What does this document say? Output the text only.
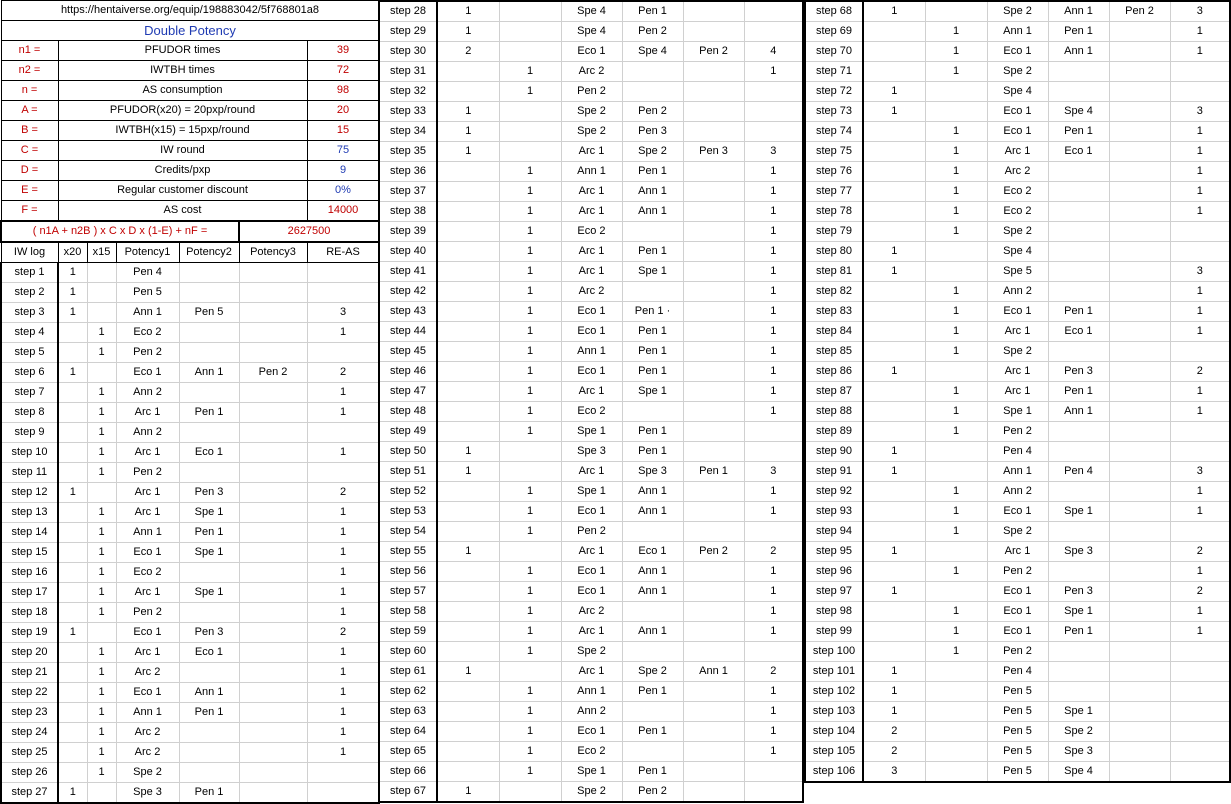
https://hentaiverse.org/equip/198883042/5f768801a8						
Double Potency						
n1 =	PFUDOR times					39
n2 =	IWTBH times					72
n =	AS consumption					98
A =	PFUDOR(x20) = 20pxp/round					20
B =	IWTBH(x15) = 15pxp/round					15
C =	IW round					75
D =	Credits/pxp					9
E =	Regular customer discount					0%
F =	AS cost					14000
( n1A + n2B ) x C x D x (1-E) + nF =					2627500	
IW log	x20	x15	Potency1	Potency2	Potency3	RE-AS
step 1	1		Pen 4			
step 2	1		Pen 5			
step 3	1		Ann 1	Pen 5		3
step 4		1	Eco 2			1
step 5		1	Pen 2			
step 6	1		Eco 1	Ann 1	Pen 2	2
step 7		1	Ann 2			1
step 8		1	Arc 1	Pen 1		1
step 9		1	Ann 2			
step 10		1	Arc 1	Eco 1		1
step 11		1	Pen 2			
step 12	1		Arc 1	Pen 3		2
step 13		1	Arc 1	Spe 1		1
step 14		1	Ann 1	Pen 1		1
step 15		1	Eco 1	Spe 1		1
step 16		1	Eco 2			1
step 17		1	Arc 1	Spe 1		1
step 18		1	Pen 2			1
step 19	1		Eco 1	Pen 3		2
step 20		1	Arc 1	Eco 1		1
step 21		1	Arc 2			1
step 22		1	Eco 1	Ann 1		1
step 23		1	Ann 1	Pen 1		1
step 24		1	Arc 2			1
step 25		1	Arc 2			1
step 26		1	Spe 2			
step 27	1		Spe 3	Pen 1		
step 28	1		Spe 4	Pen 1		
step 29	1		Spe 4	Pen 2		
step 30	2		Eco 1	Spe 4	Pen 2	4
step 31		1	Arc 2			1
step 32		1	Pen 2			
step 33	1		Spe 2	Pen 2		
step 34	1		Spe 2	Pen 3		
step 35	1		Arc 1	Spe 2	Pen 3	3
step 36		1	Ann 1	Pen 1		1
step 37		1	Arc 1	Ann 1		1
step 38		1	Arc 1	Ann 1		1
step 39		1	Eco 2			1
step 40		1	Arc 1	Pen 1		1
step 41		1	Arc 1	Spe 1		1
step 42		1	Arc 2			1
step 43		1	Eco 1	Pen 1 ·		1
step 44		1	Eco 1	Pen 1		1
step 45		1	Ann 1	Pen 1		1
step 46		1	Eco 1	Pen 1		1
step 47		1	Arc 1	Spe 1		1
step 48		1	Eco 2			1
step 49		1	Spe 1	Pen 1		
step 50	1		Spe 3	Pen 1		
step 51	1		Arc 1	Spe 3	Pen 1	3
step 52		1	Spe 1	Ann 1		1
step 53		1	Eco 1	Ann 1		1
step 54		1	Pen 2			
step 55	1		Arc 1	Eco 1	Pen 2	2
step 56		1	Eco 1	Ann 1		1
step 57		1	Eco 1	Ann 1		1
step 58		1	Arc 2			1
step 59		1	Arc 1	Ann 1		1
step 60		1	Spe 2			
step 61	1		Arc 1	Spe 2	Ann 1	2
step 62		1	Ann 1	Pen 1		1
step 63		1	Ann 2			1
step 64		1	Eco 1	Pen 1		1
step 65		1	Eco 2			1
step 66		1	Spe 1	Pen 1		
step 67	1		Spe 2	Pen 2		
step 68	1		Spe 2	Ann 1	Pen 2	3
step 69		1	Ann 1	Pen 1		1
step 70		1	Eco 1	Ann 1		1
step 71		1	Spe 2			
step 72	1		Spe 4			
step 73	1		Eco 1	Spe 4		3
step 74		1	Eco 1	Pen 1		1
step 75		1	Arc 1	Eco 1		1
step 76		1	Arc 2			1
step 77		1	Eco 2			1
step 78		1	Eco 2			1
step 79		1	Spe 2			
step 80	1		Spe 4			
step 81	1		Spe 5			3
step 82		1	Ann 2			1
step 83		1	Eco 1	Pen 1		1
step 84		1	Arc 1	Eco 1		1
step 85		1	Spe 2			
step 86	1		Arc 1	Pen 3		2
step 87		1	Arc 1	Pen 1		1
step 88		1	Spe 1	Ann 1		1
step 89		1	Pen 2			
step 90	1		Pen 4			
step 91	1		Ann 1	Pen 4		3
step 92		1	Ann 2			1
step 93		1	Eco 1	Spe 1		1
step 94		1	Spe 2			
step 95	1		Arc 1	Spe 3		2
step 96		1	Pen 2			1
step 97	1		Eco 1	Pen 3		2
step 98		1	Eco 1	Spe 1		1
step 99		1	Eco 1	Pen 1		1
step 100		1	Pen 2			
step 101	1		Pen 4			
step 102	1		Pen 5			
step 103	1		Pen 5	Spe 1		
step 104	2		Pen 5	Spe 2		
step 105	2		Pen 5	Spe 3		
step 106	3		Pen 5	Spe 4		
